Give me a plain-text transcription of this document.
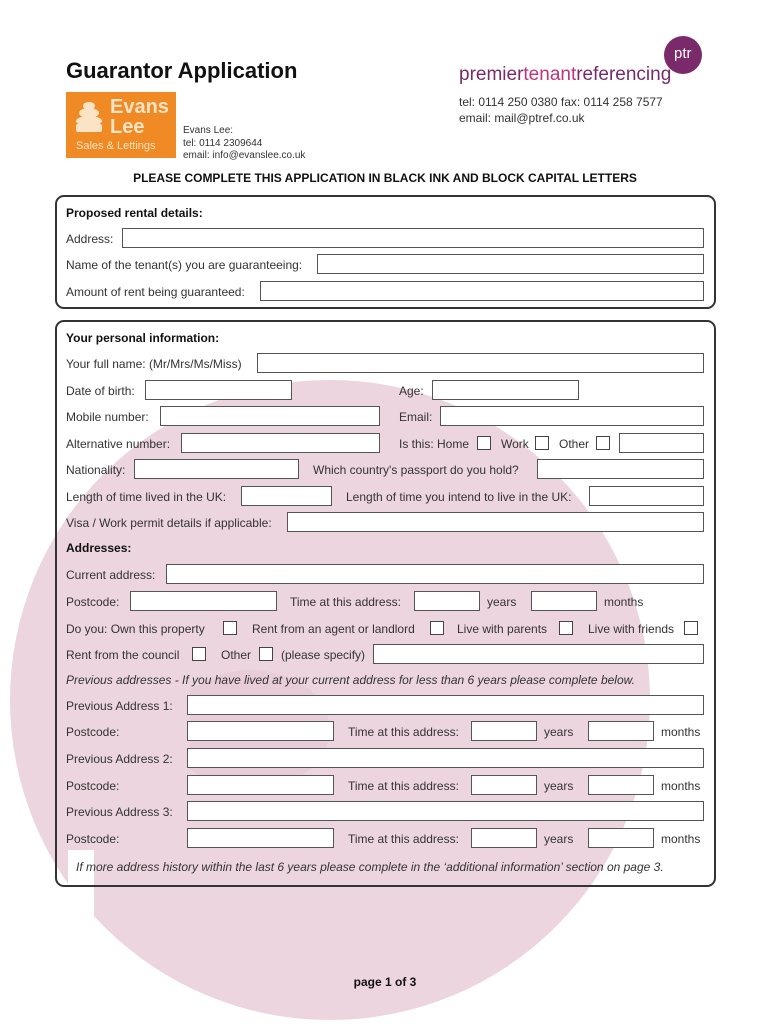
Guarantor Application
Evans
Lee
Sales & Lettings
Evans Lee:
tel: 0114 2309644
email: info@evanslee.co.uk
ptr
premiertenantreferencing
tel: 0114 250 0380 fax: 0114 258 7577
email: mail@ptref.co.uk
PLEASE COMPLETE THIS APPLICATION IN BLACK INK AND BLOCK CAPITAL LETTERS
Proposed rental details:
Address:
Name of the tenant(s) you are guaranteeing:
Amount of rent being guaranteed:
Your personal information:
Your full name: (Mr/Mrs/Ms/Miss)
Date of birth:	Age:
Mobile number:	Email:
Alternative number:	Is this: Home	Work	Other
Nationality:	Which country's passport do you hold?
Length of time lived in the UK:	Length of time you intend to live in the UK:
Visa / Work permit details if applicable:
Addresses:
Current address:
Postcode:	Time at this address:	years	months
Do you: Own this property	Rent from an agent or landlord	Live with parents	Live with friends
Rent from the council	Other (please specify)
Previous addresses - If you have lived at your current address for less than 6 years please complete below.
Previous Address 1:
Postcode:	Time at this address:	years	months
Previous Address 2:
Postcode:	Time at this address:	years	months
Previous Address 3:
Postcode:	Time at this address:	years	months
If more address history within the last 6 years please complete in the ‘additional information’ section on page 3.
page 1 of 3
